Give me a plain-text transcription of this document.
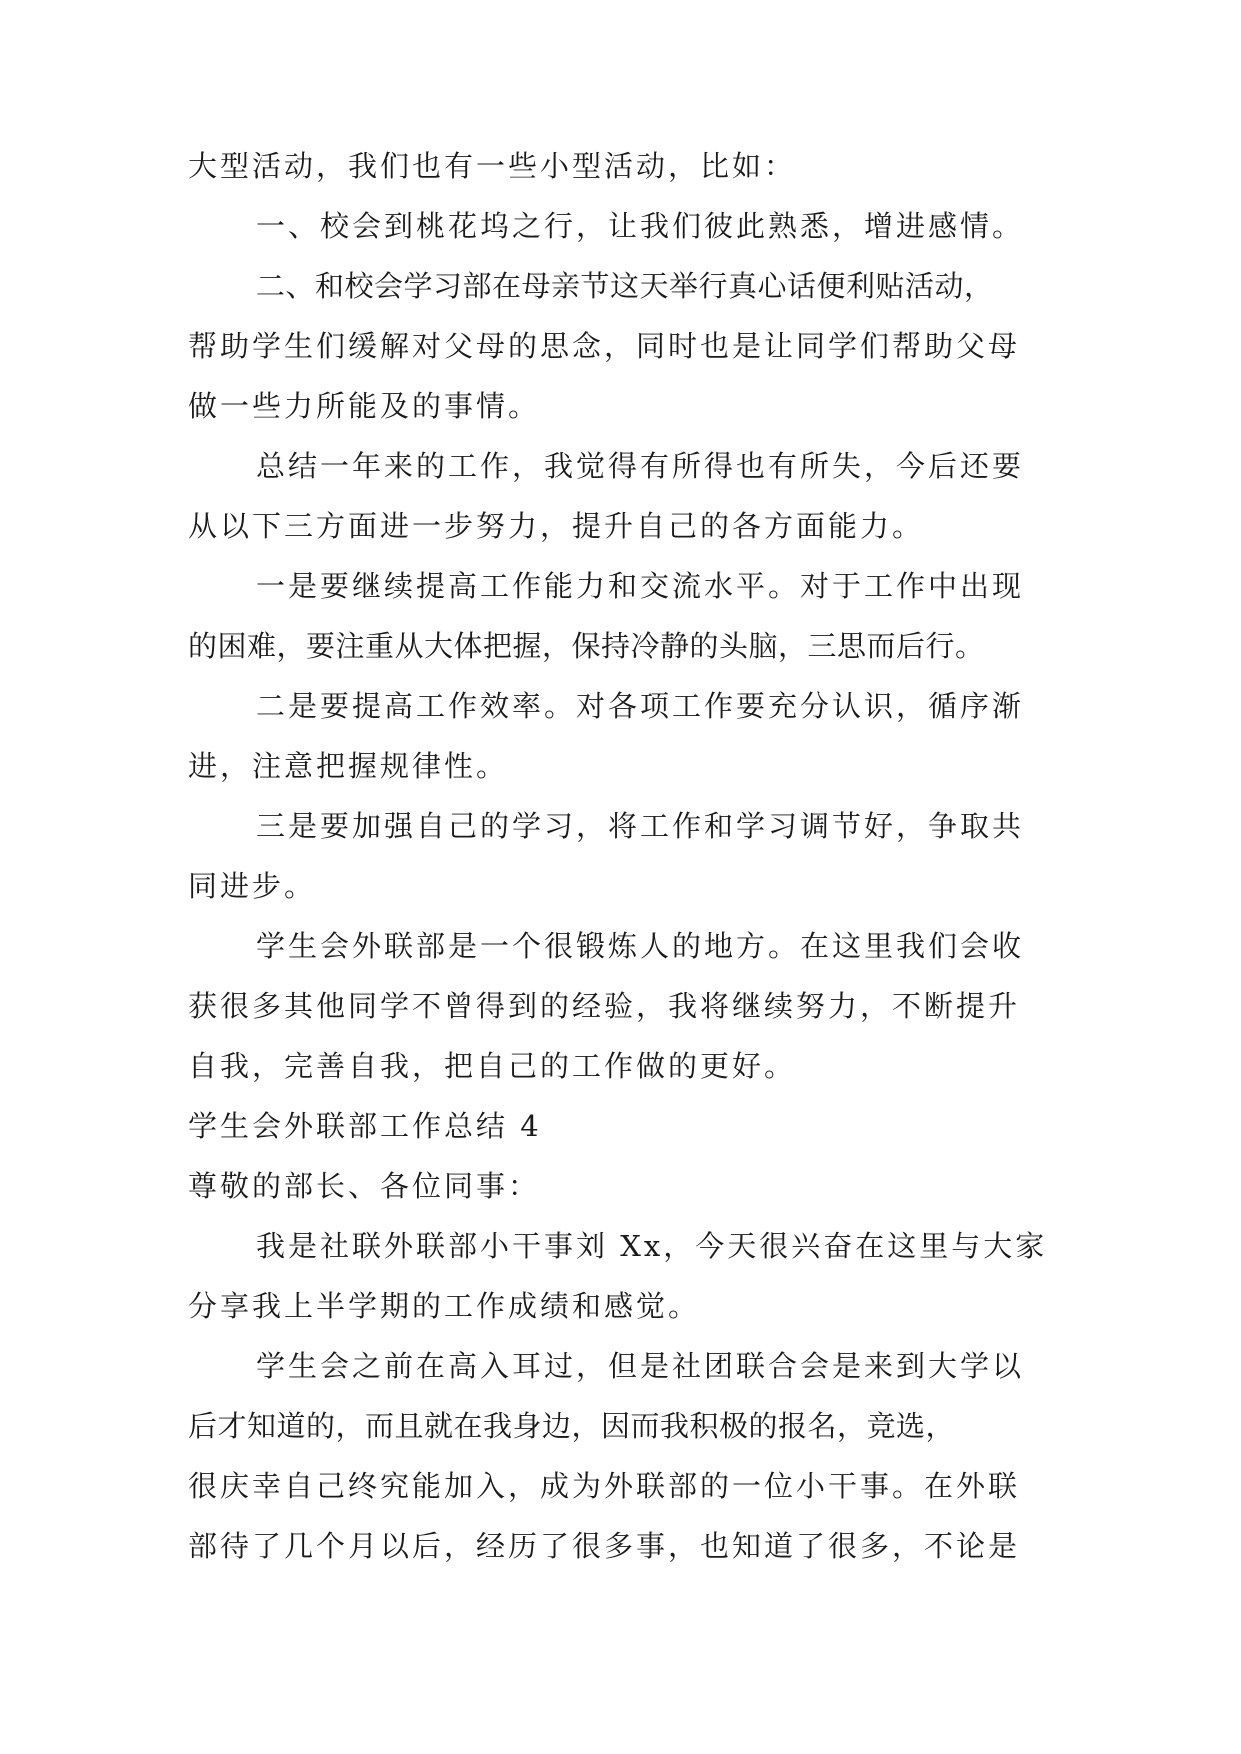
大型活动，我们也有一些小型活动，比如：

一、校会到桃花坞之行，让我们彼此熟悉，增进感情。

二、和校会学习部在母亲节这天举行真心话便利贴活动，

帮助学生们缓解对父母的思念，同时也是让同学们帮助父母

做一些力所能及的事情。

总结一年来的工作，我觉得有所得也有所失，今后还要

从以下三方面进一步努力，提升自己的各方面能力。

一是要继续提高工作能力和交流水平。对于工作中出现

的困难，要注重从大体把握，保持冷静的头脑，三思而后行。

二是要提高工作效率。对各项工作要充分认识，循序渐

进，注意把握规律性。

三是要加强自己的学习，将工作和学习调节好，争取共

同进步。

学生会外联部是一个很锻炼人的地方。在这里我们会收

获很多其他同学不曾得到的经验，我将继续努力，不断提升

自我，完善自我，把自己的工作做的更好。

学生会外联部工作总结 4

尊敬的部长、各位同事：

我是社联外联部小干事刘 Xx，今天很兴奋在这里与大家

分享我上半学期的工作成绩和感觉。

学生会之前在高入耳过，但是社团联合会是来到大学以

后才知道的，而且就在我身边，因而我积极的报名，竞选，

很庆幸自己终究能加入，成为外联部的一位小干事。在外联

部待了几个月以后，经历了很多事，也知道了很多，不论是
